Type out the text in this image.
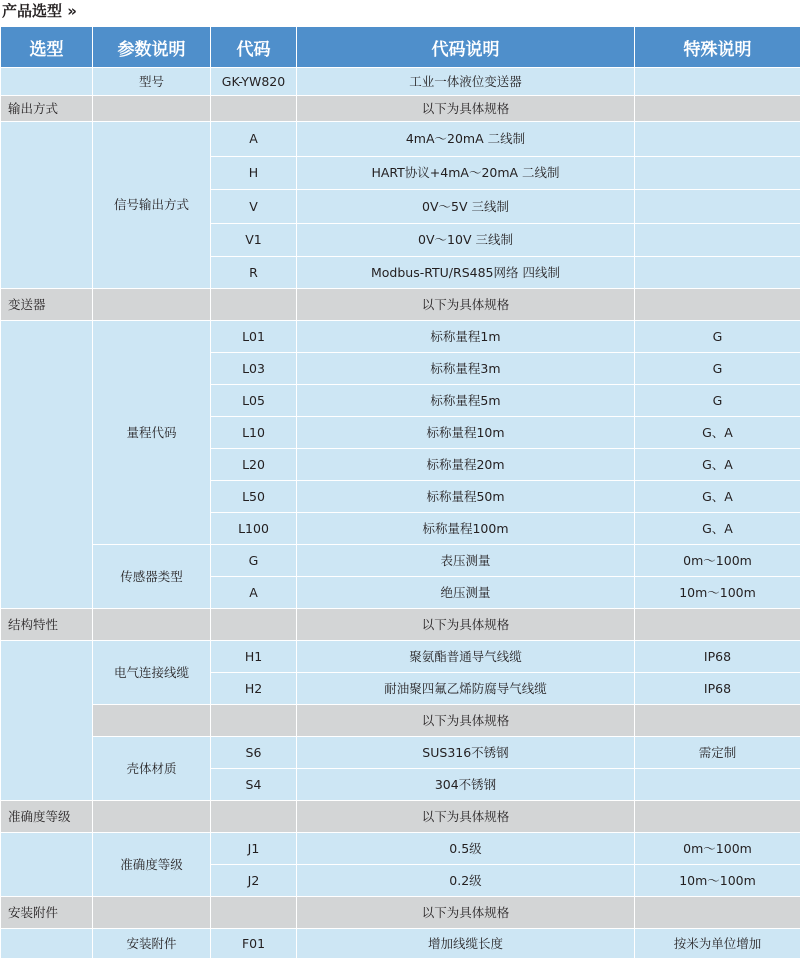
产品选型 »
选型	参数说明	代码	代码说明	特殊说明
	型号	GK-YW820	工业一体液位变送器	
输出方式			以下为具体规格	
	信号输出方式	A	4mA～20mA 二线制	
		H	HART协议+4mA～20mA 二线制	
		V	0V～5V 三线制	
		V1	0V～10V 三线制	
		R	Modbus-RTU/RS485网络 四线制	
变送器			以下为具体规格	
	量程代码	L01	标称量程1m	G
		L03	标称量程3m	G
		L05	标称量程5m	G
		L10	标称量程10m	G、A
		L20	标称量程20m	G、A
		L50	标称量程50m	G、A
		L100	标称量程100m	G、A
	传感器类型	G	表压测量	0m～100m
		A	绝压测量	10m～100m
结构特性			以下为具体规格	
	电气连接线缆	H1	聚氨酯普通导气线缆	IP68
		H2	耐油聚四氟乙烯防腐导气线缆	IP68
			以下为具体规格	
	壳体材质	S6	SUS316不锈钢	需定制
		S4	304不锈钢	
准确度等级			以下为具体规格	
	准确度等级	J1	0.5级	0m～100m
		J2	0.2级	10m～100m
安装附件			以下为具体规格	
	安装附件	F01	增加线缆长度	按米为单位增加
